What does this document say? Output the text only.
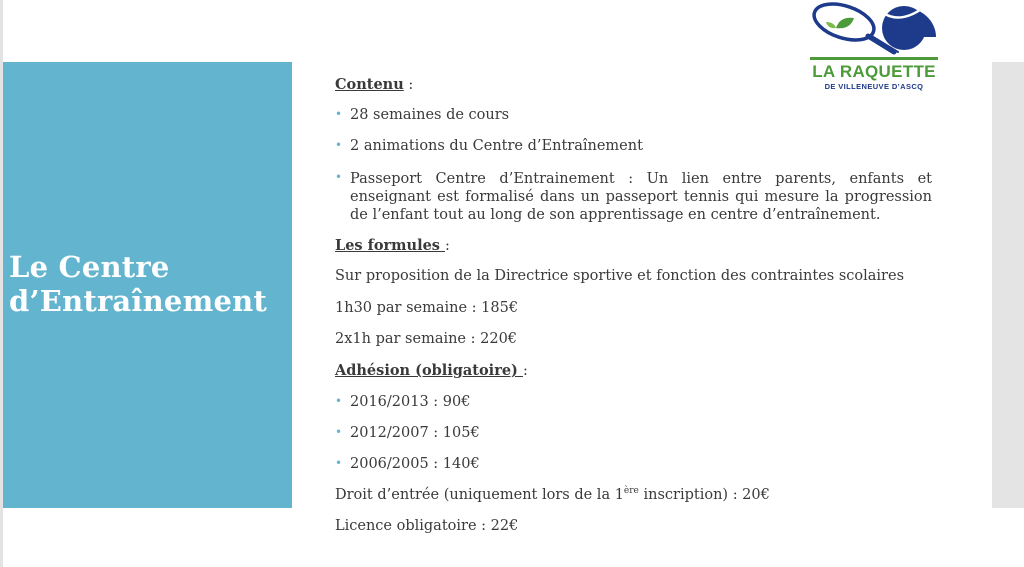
Le Centre d’Entraînement
LA RAQUETTE
DE VILLENEUVE D’ASCQ
Contenu :
• 28 semaines de cours
• 2 animations du Centre d’Entraînement
• Passeport Centre d’Entrainement : Un lien entre parents, enfants et enseignant est formalisé dans un passeport tennis qui mesure la progression de l’enfant tout au long de son apprentissage en centre d’entraînement.
Les formules :
Sur proposition de la Directrice sportive et fonction des contraintes scolaires
1h30 par semaine : 185€
2x1h par semaine : 220€
Adhésion (obligatoire) :
• 2016/2013 : 90€
• 2012/2007 : 105€
• 2006/2005 : 140€
Droit d’entrée (uniquement lors de la 1ère inscription) : 20€
Licence obligatoire : 22€
